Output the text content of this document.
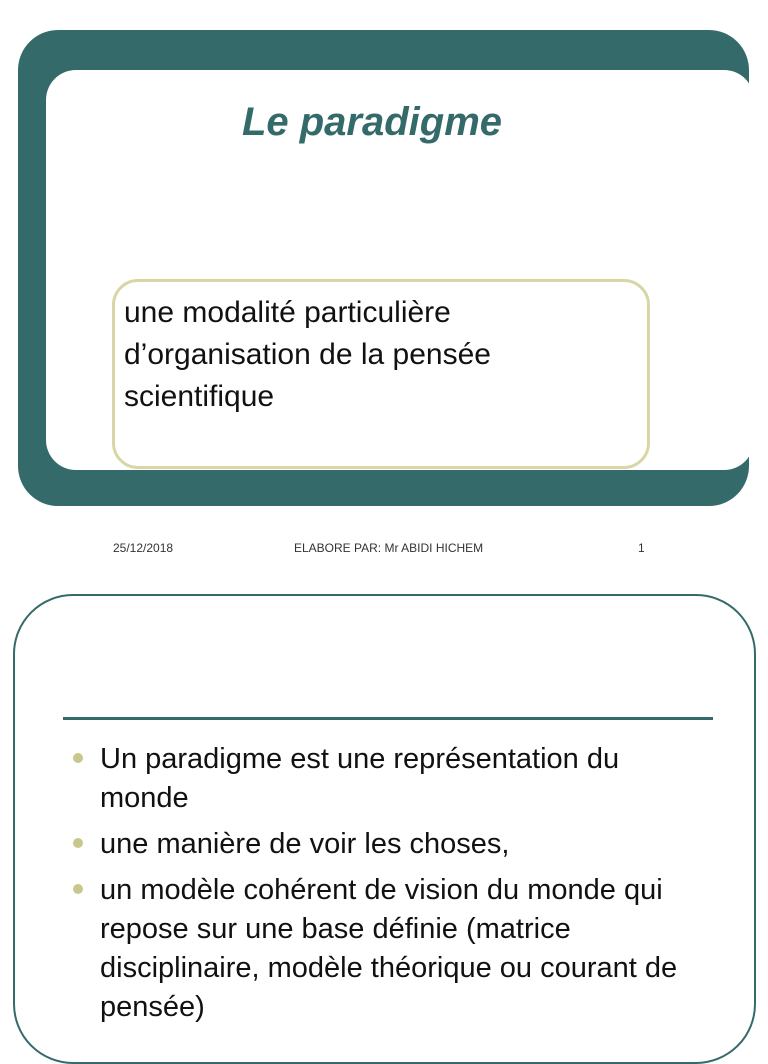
Le paradigme

une modalité particulière
d’organisation de la pensée
scientifique

25/12/2018	ELABORE PAR: Mr ABIDI HICHEM	1
Un paradigme est une représentation du monde
une manière de voir les choses,
un modèle cohérent de vision du monde qui repose sur une base définie (matrice disciplinaire, modèle théorique ou courant de pensée)
